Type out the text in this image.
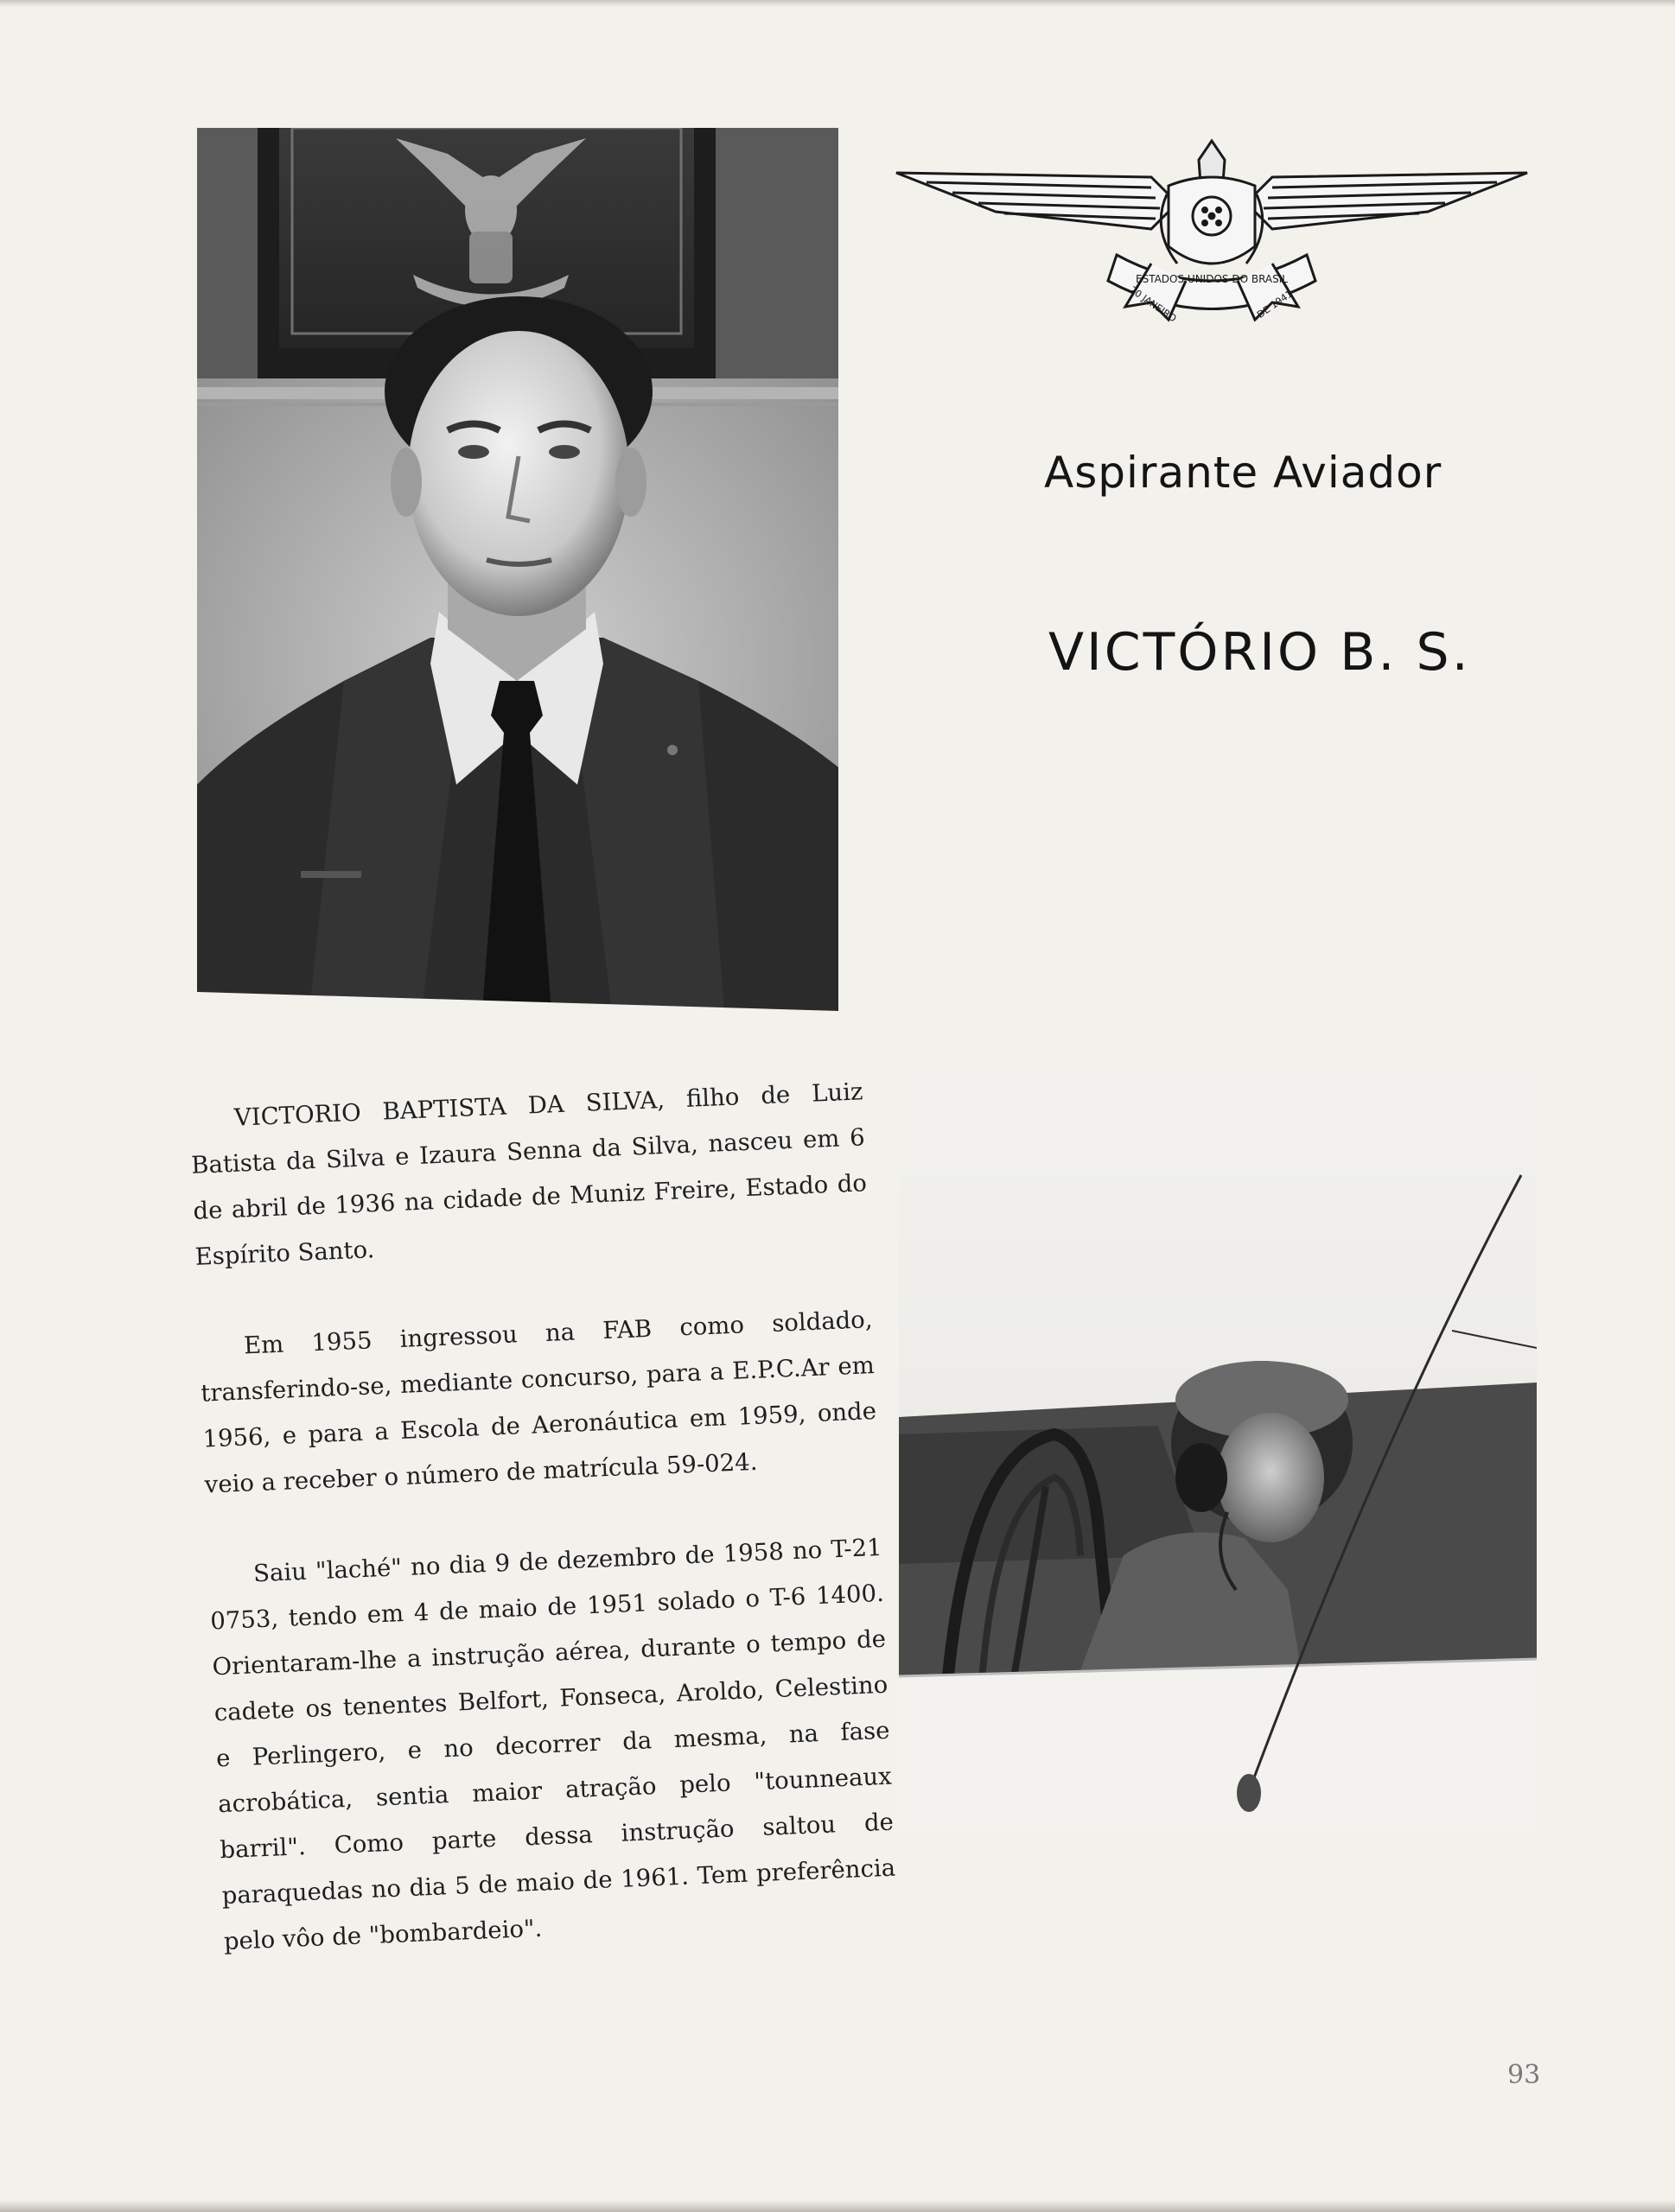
ESTADOS UNIDOS DO BRASIL
20 JANEIRO	DE 1941
Aspirante Aviador
VICTÓRIO B. S.

VICTORIO BAPTISTA DA SILVA, filho de Luiz Batista da Silva e Izaura Senna da Silva, nasceu em 6 de abril de 1936 na cidade de Muniz Freire, Estado do Espírito Santo.

Em 1955 ingressou na FAB como soldado, transferindo-se, mediante concurso, para a E.P.C.Ar em 1956, e para a Escola de Aeronáutica em 1959, onde veio a receber o número de matrícula 59-024.

Saiu "laché" no dia 9 de dezembro de 1958 no T-21 0753, tendo em 4 de maio de 1951 solado o T-6 1400. Orientaram-lhe a instrução aérea, durante o tempo de cadete os tenentes Belfort, Fonseca, Aroldo, Celestino e Perlingero, e no decorrer da mesma, na fase acrobática, sentia maior atração pelo "tounneaux barril". Como parte dessa instrução saltou de paraquedas no dia 5 de maio de 1961. Tem preferência pelo vôo de "bombardeio".

93
